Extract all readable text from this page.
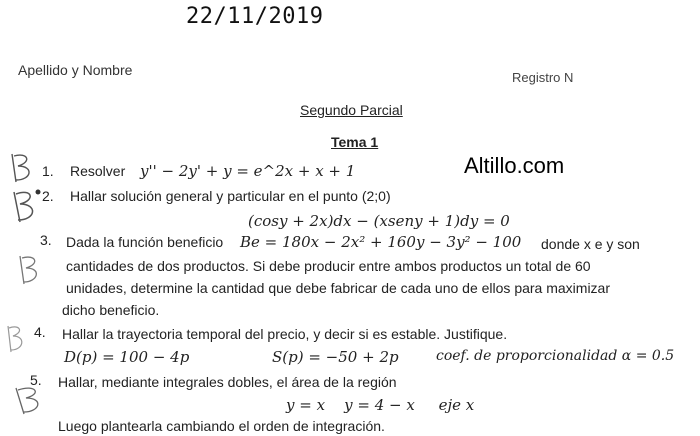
22/11/2019
Apellido y Nombre	Registro N
Segundo Parcial
Tema 1
Altillo.com
1. Resolver y'' − 2y' + y = e^2x + x + 1
2. Hallar solución general y particular en el punto (2;0)
(cosy + 2x)dx − (xseny + 1)dy = 0
3. Dada la función beneficio Be = 180x − 2x² + 160y − 3y² − 100 donde x e y son
cantidades de dos productos. Si debe producir entre ambos productos un total de 60
unidades, determine la cantidad que debe fabricar de cada uno de ellos para maximizar
dicho beneficio.
4. Hallar la trayectoria temporal del precio, y decir si es estable. Justifique.
D(p) = 100 − 4p	S(p) = −50 + 2p	coef. de proporcionalidad α = 0.5
5. Hallar, mediante integrales dobles, el área de la región
y = x    y = 4 − x     eje x
Luego plantearla cambiando el orden de integración.
